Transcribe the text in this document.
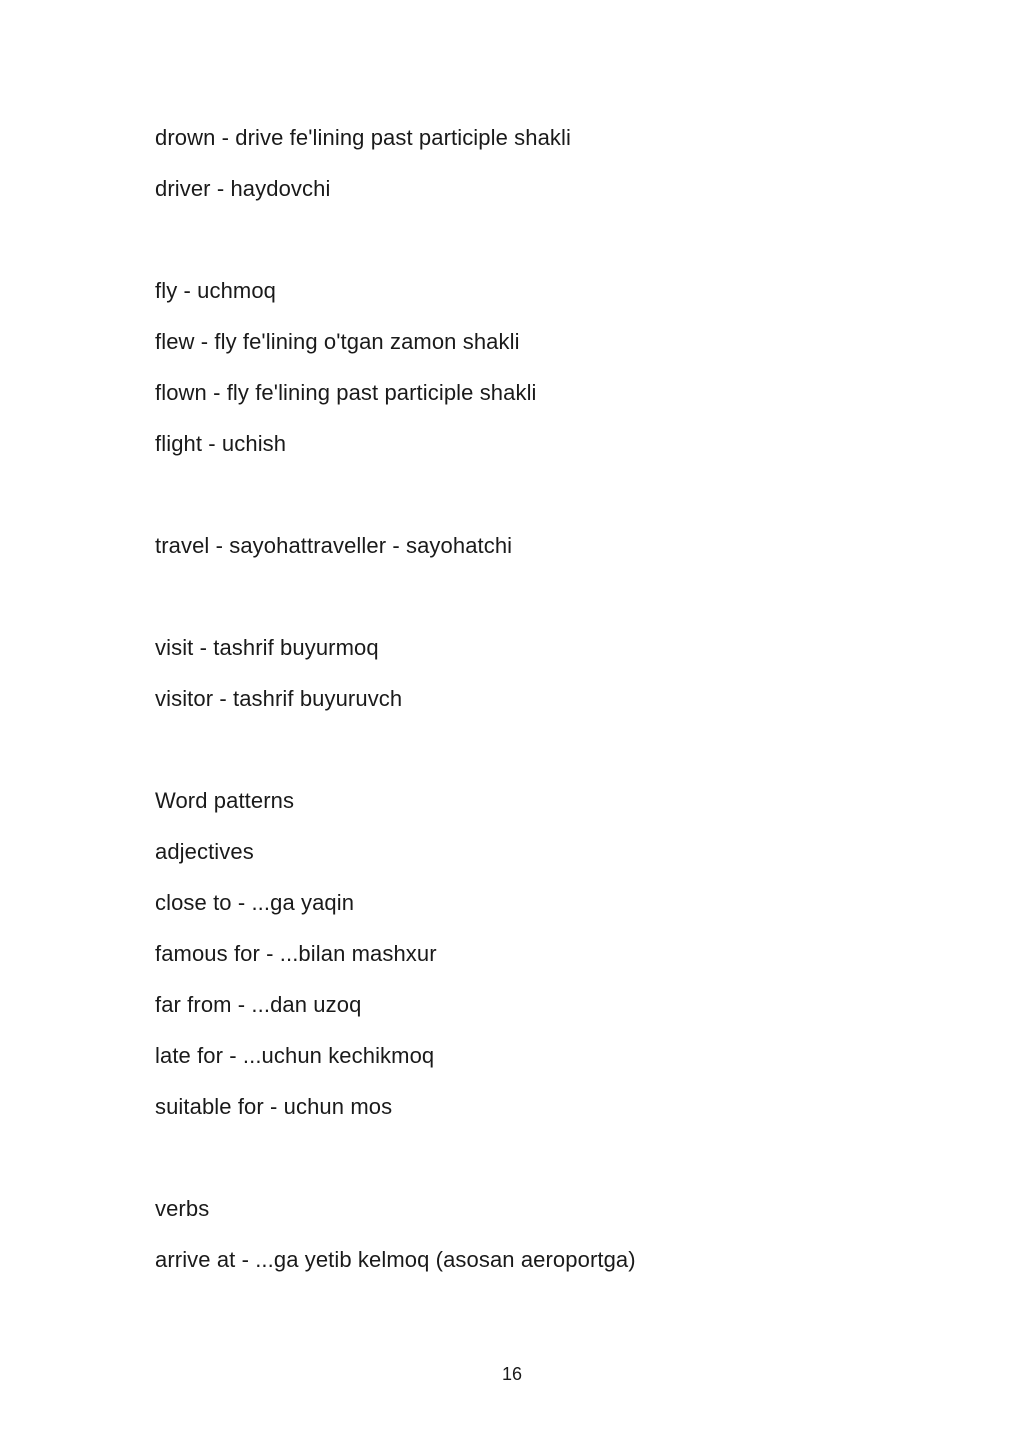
drown - drive fe'lining past participle shakli
driver - haydovchi
fly - uchmoq
flew - fly fe'lining o'tgan zamon shakli
flown - fly fe'lining past participle shakli
flight - uchish
travel - sayohattraveller - sayohatchi
visit - tashrif buyurmoq
visitor - tashrif buyuruvch
Word patterns
adjectives
close to - ...ga yaqin
famous for - ...bilan mashxur
far from - ...dan uzoq
late for - ...uchun kechikmoq
suitable for - uchun mos
verbs
arrive at - ...ga yetib kelmoq (asosan aeroportga)
16
